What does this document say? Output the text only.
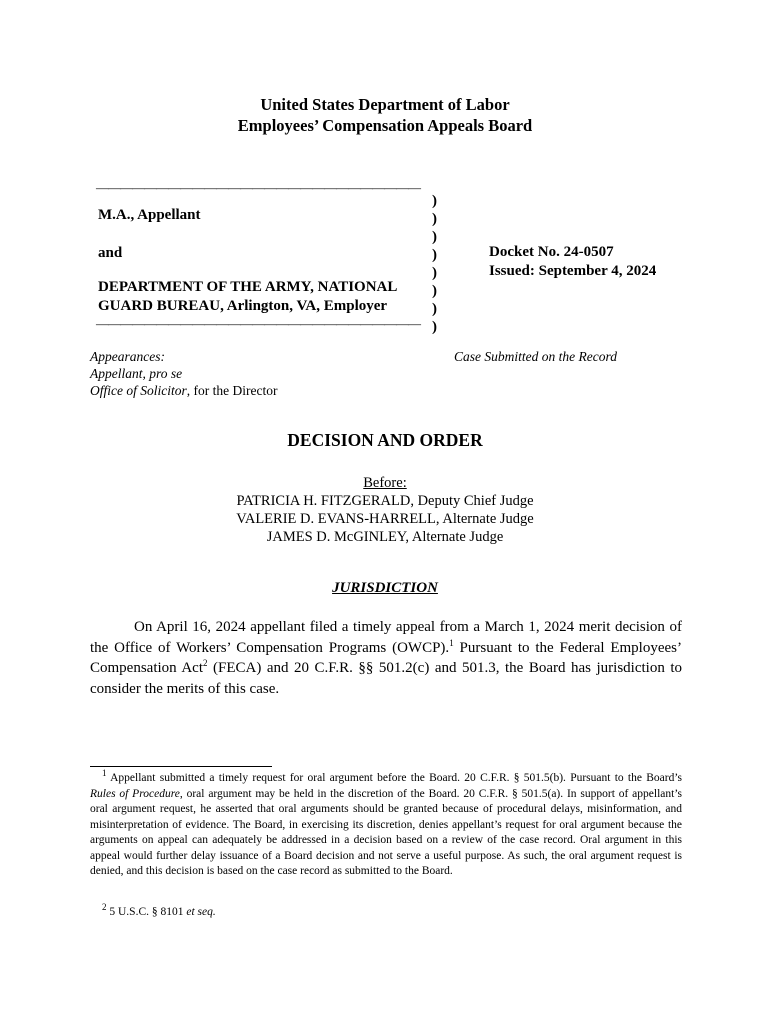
United States Department of Labor
Employees’ Compensation Appeals Board
———————————————————————————
M.A., Appellant
and
DEPARTMENT OF THE ARMY, NATIONAL
GUARD BUREAU, Arlington, VA, Employer
———————————————————————————
)
)
)
)
)
)
)
)
Docket No. 24-0507
Issued: September 4, 2024
Appearances:
Appellant, pro se
Office of Solicitor, for the Director
Case Submitted on the Record
DECISION AND ORDER
Before:
PATRICIA H. FITZGERALD, Deputy Chief Judge
VALERIE D. EVANS-HARRELL, Alternate Judge
JAMES D. McGINLEY, Alternate Judge
JURISDICTION
On April 16, 2024 appellant filed a timely appeal from a March 1, 2024 merit decision of the Office of Workers’ Compensation Programs (OWCP).$^1$ Pursuant to the Federal Employees’ Compensation Act$^2$ (FECA) and 20 C.F.R. §§ 501.2(c) and 501.3, the Board has jurisdiction to consider the merits of this case.
$^1$ Appellant submitted a timely request for oral argument before the Board. 20 C.F.R. § 501.5(b). Pursuant to the Board’s Rules of Procedure, oral argument may be held in the discretion of the Board. 20 C.F.R. § 501.5(a). In support of appellant’s oral argument request, he asserted that oral arguments should be granted because of procedural delays, misinformation, and misinterpretation of evidence. The Board, in exercising its discretion, denies appellant’s request for oral argument because the arguments on appeal can adequately be addressed in a decision based on a review of the case record. Oral argument in this appeal would further delay issuance of a Board decision and not serve a useful purpose. As such, the oral argument request is denied, and this decision is based on the case record as submitted to the Board.
$^2$ 5 U.S.C. § 8101 et seq.
